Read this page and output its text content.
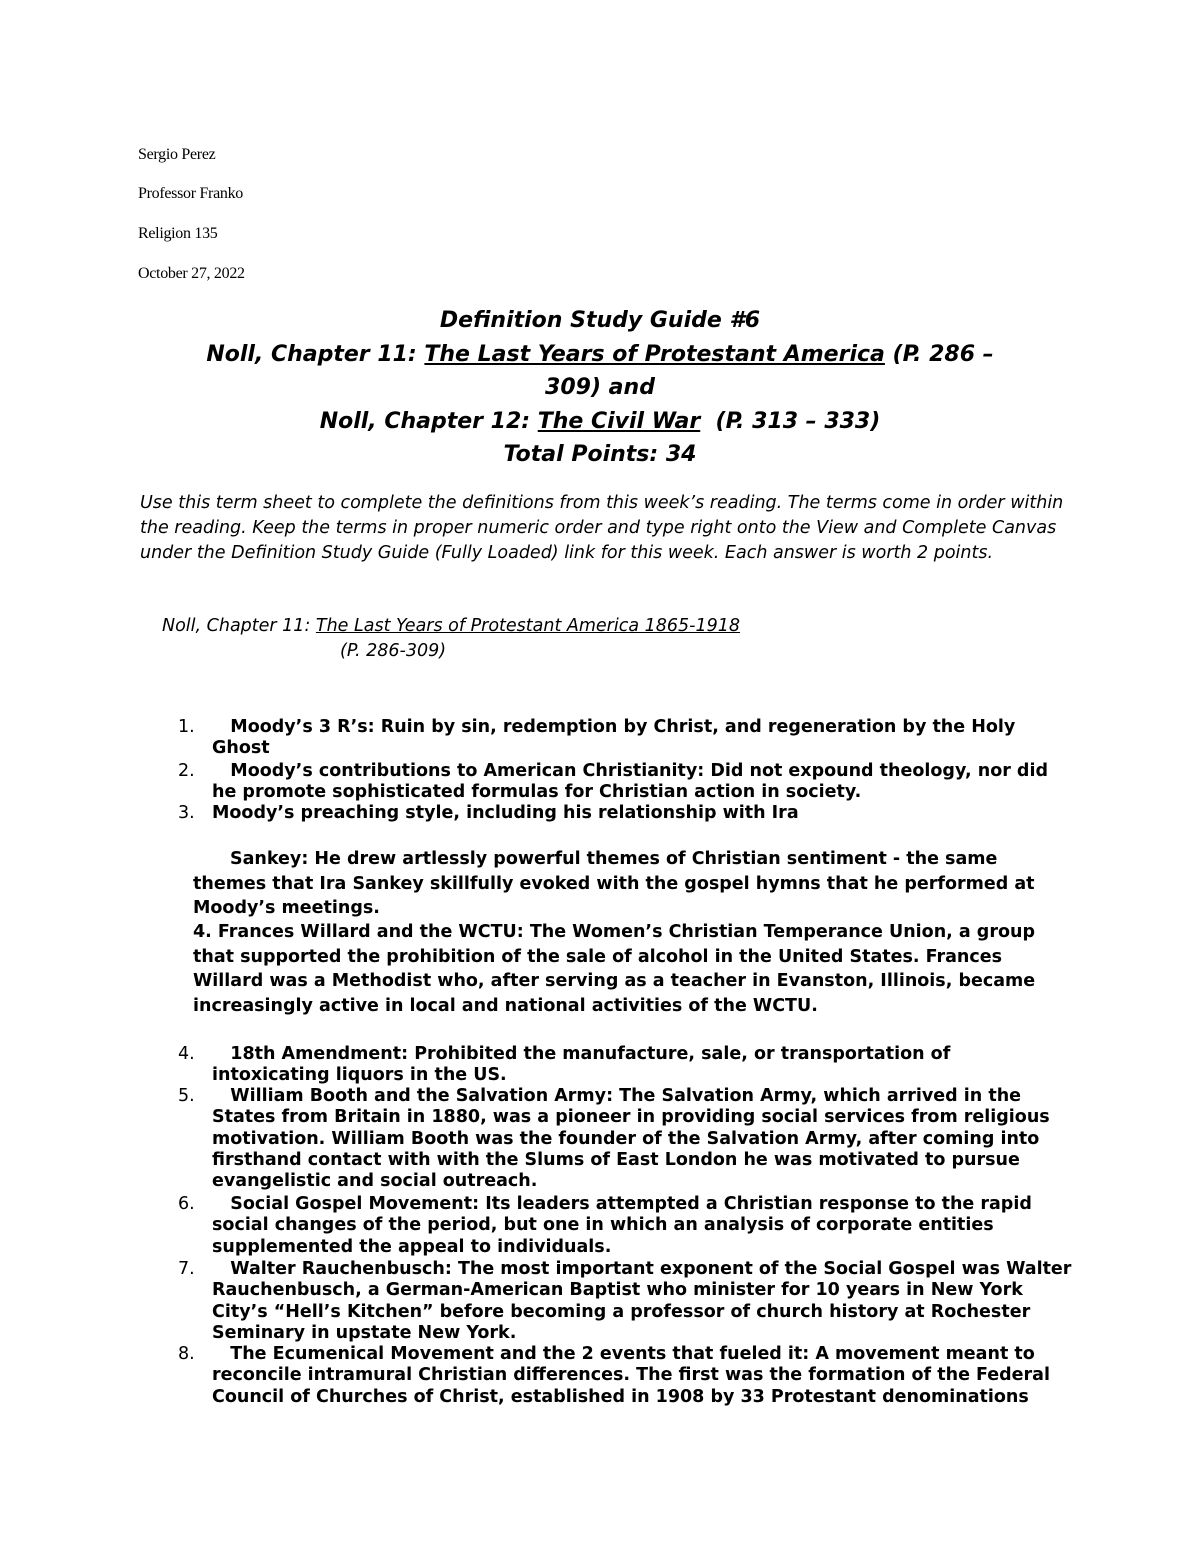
Sergio Perez
Professor Franko
Religion 135
October 27, 2022
Definition Study Guide #6
Noll, Chapter 11: The Last Years of Protestant America (P. 286 –
309) and
Noll, Chapter 12: The Civil War  (P. 313 – 333)
Total Points: 34
Use this term sheet to complete the definitions from this week’s reading. The terms come in order within the reading. Keep the terms in proper numeric order and type right onto the View and Complete Canvas under the Definition Study Guide (Fully Loaded) link for this week. Each answer is worth 2 points.
Noll, Chapter 11: The Last Years of Protestant America 1865-1918
(P. 286-309)
1. Moody’s 3 R’s: Ruin by sin, redemption by Christ, and regeneration by the Holy Ghost
2. Moody’s contributions to American Christianity: Did not expound theology, nor did he promote sophisticated formulas for Christian action in society.
3. Moody’s preaching style, including his relationship with Ira
Sankey: He drew artlessly powerful themes of Christian sentiment - the same themes that Ira Sankey skillfully evoked with the gospel hymns that he performed at Moody’s meetings.
4. Frances Willard and the WCTU: The Women’s Christian Temperance Union, a group that supported the prohibition of the sale of alcohol in the United States. Frances Willard was a Methodist who, after serving as a teacher in Evanston, Illinois, became increasingly active in local and national activities of the WCTU.
4. 18th Amendment: Prohibited the manufacture, sale, or transportation of intoxicating liquors in the US.
5. William Booth and the Salvation Army: The Salvation Army, which arrived in the States from Britain in 1880, was a pioneer in providing social services from religious motivation. William Booth was the founder of the Salvation Army, after coming into firsthand contact with with the Slums of East London he was motivated to pursue evangelistic and social outreach.
6. Social Gospel Movement: Its leaders attempted a Christian response to the rapid social changes of the period, but one in which an analysis of corporate entities supplemented the appeal to individuals.
7. Walter Rauchenbusch: The most important exponent of the Social Gospel was Walter Rauchenbusch, a German-American Baptist who minister for 10 years in New York City’s “Hell’s Kitchen” before becoming a professor of church history at Rochester Seminary in upstate New York.
8. The Ecumenical Movement and the 2 events that fueled it: A movement meant to reconcile intramural Christian differences. The first was the formation of the Federal Council of Churches of Christ, established in 1908 by 33 Protestant denominations
